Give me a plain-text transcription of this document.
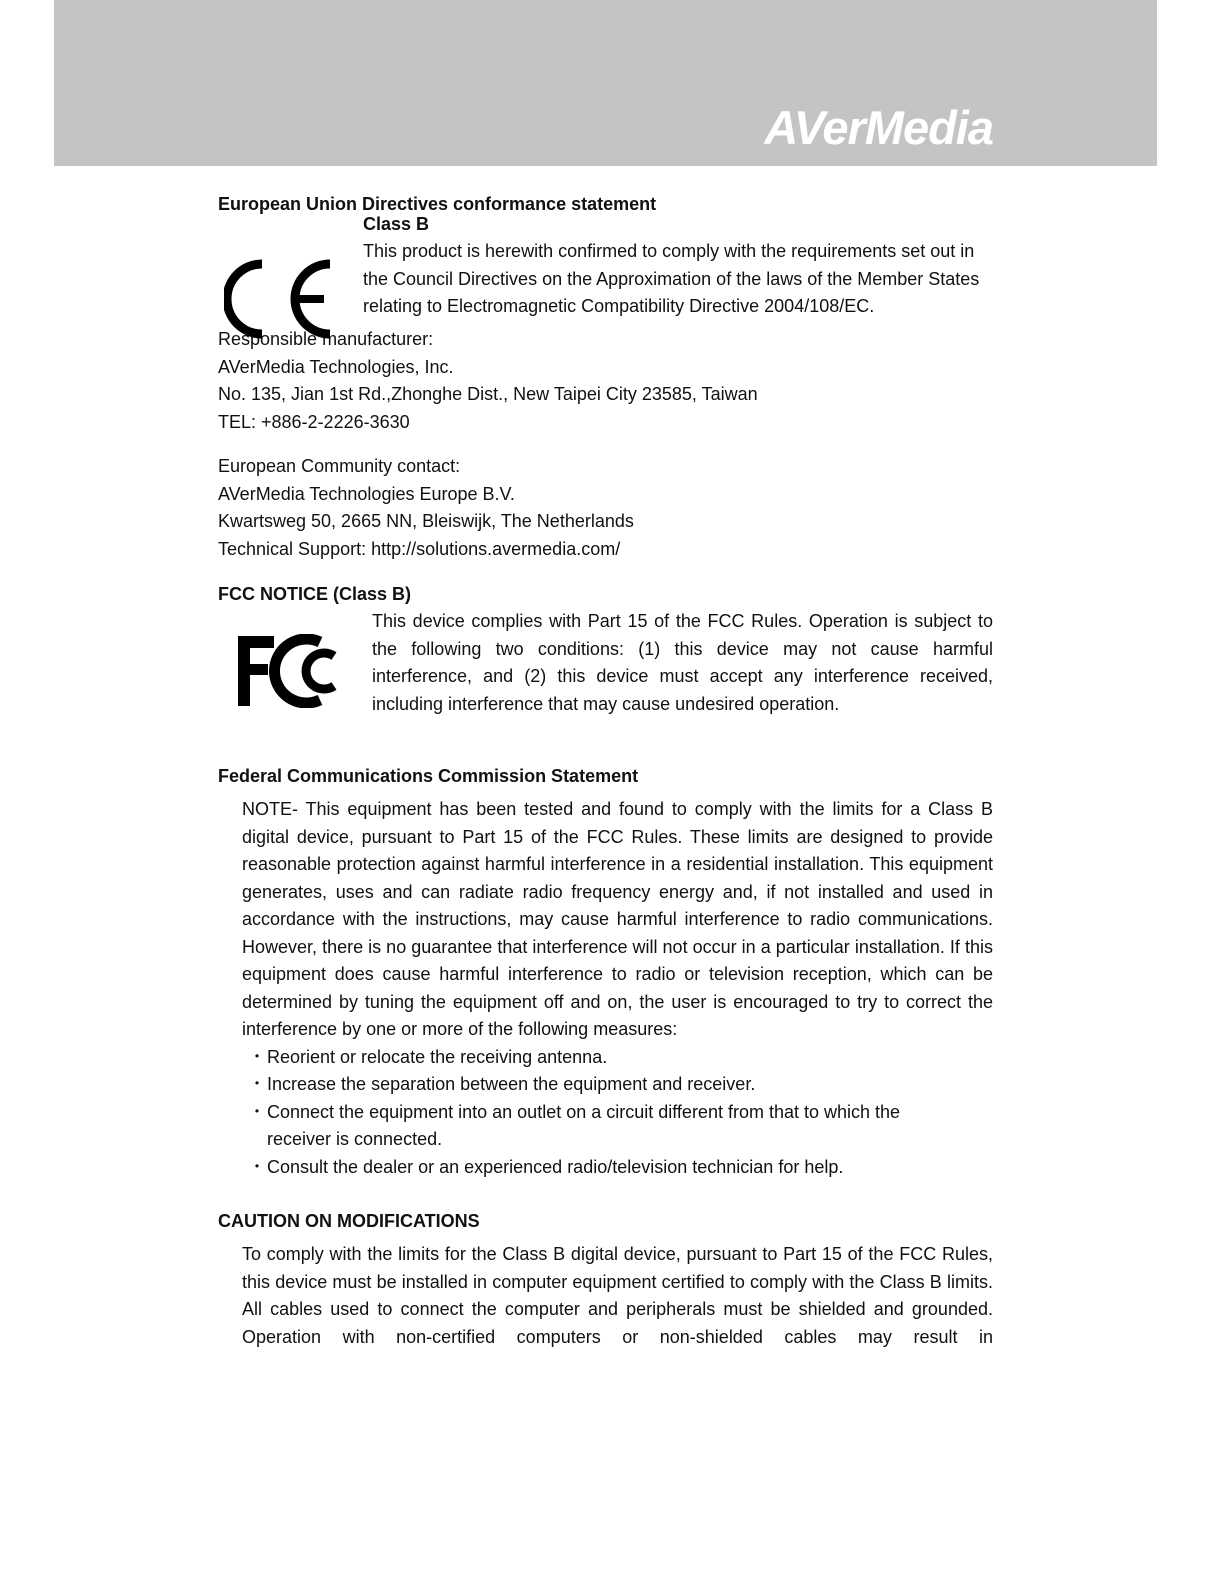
AVerMedia
European Union Directives conformance statement
Class B

This product is herewith confirmed to comply with the requirements set out in the Council Directives on the Approximation of the laws of the Member States relating to Electromagnetic Compatibility Directive 2004/108/EC.

Responsible manufacturer:

AVerMedia Technologies, Inc.

No. 135, Jian 1st Rd.,Zhonghe Dist., New Taipei City 23585, Taiwan

TEL: +886-2-2226-3630

European Community contact:

AVerMedia Technologies Europe B.V.

Kwartsweg 50, 2665 NN, Bleiswijk, The Netherlands

Technical Support: http://solutions.avermedia.com/

FCC NOTICE (Class B)

This device complies with Part 15 of the FCC Rules. Operation is subject to the following two conditions: (1) this device may not cause harmful interference, and (2) this device must accept any interference received, including interference that may cause undesired operation.

Federal Communications Commission Statement

NOTE- This equipment has been tested and found to comply with the limits for a Class B digital device, pursuant to Part 15 of the FCC Rules. These limits are designed to provide reasonable protection against harmful interference in a residential installation. This equipment generates, uses and can radiate radio frequency energy and, if not installed and used in accordance with the instructions, may cause harmful interference to radio communications. However, there is no guarantee that interference will not occur in a particular installation. If this equipment does cause harmful interference to radio or television reception, which can be determined by tuning the equipment off and on, the user is encouraged to try to correct the interference by one or more of the following measures:

・ Reorient or relocate the receiving antenna.
・ Increase the separation between the equipment and receiver.
・ Connect the equipment into an outlet on a circuit different from that to which the receiver is connected.
・ Consult the dealer or an experienced radio/television technician for help.
CAUTION ON MODIFICATIONS

To comply with the limits for the Class B digital device, pursuant to Part 15 of the FCC Rules, this device must be installed in computer equipment certified to comply with the Class B limits. All cables used to connect the computer and peripherals must be shielded and grounded. Operation with non-certified computers or non-shielded cables may result in
